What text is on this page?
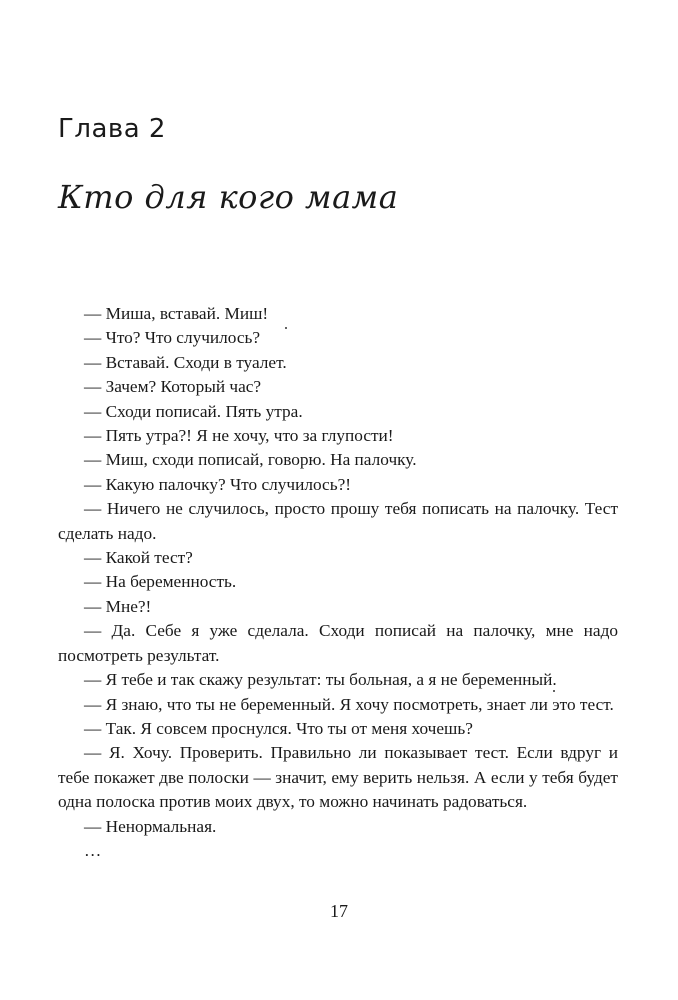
Глава 2
Кто для кого мама

— Миша, вставай. Миш!

— Что? Что случилось?

— Вставай. Сходи в туалет.

— Зачем? Который час?

— Сходи пописай. Пять утра.

— Пять утра?! Я не хочу, что за глупости!

— Миш, сходи пописай, говорю. На палочку.

— Какую палочку? Что случилось?!

— Ничего не случилось, просто прошу тебя пописать на палочку. Тест сделать надо.

— Какой тест?

— На беременность.

— Мне?!

— Да. Себе я уже сделала. Сходи пописай на палочку, мне надо посмотреть результат.

— Я тебе и так скажу результат: ты больная, а я не беременный.

— Я знаю, что ты не беременный. Я хочу посмотреть, знает ли это тест.

— Так. Я совсем проснулся. Что ты от меня хочешь?

— Я. Хочу. Проверить. Правильно ли показывает тест. Если вдруг и тебе покажет две полоски — значит, ему верить нельзя. А если у тебя будет одна полоска против моих двух, то можно начинать радоваться.

— Ненормальная.

…

17
